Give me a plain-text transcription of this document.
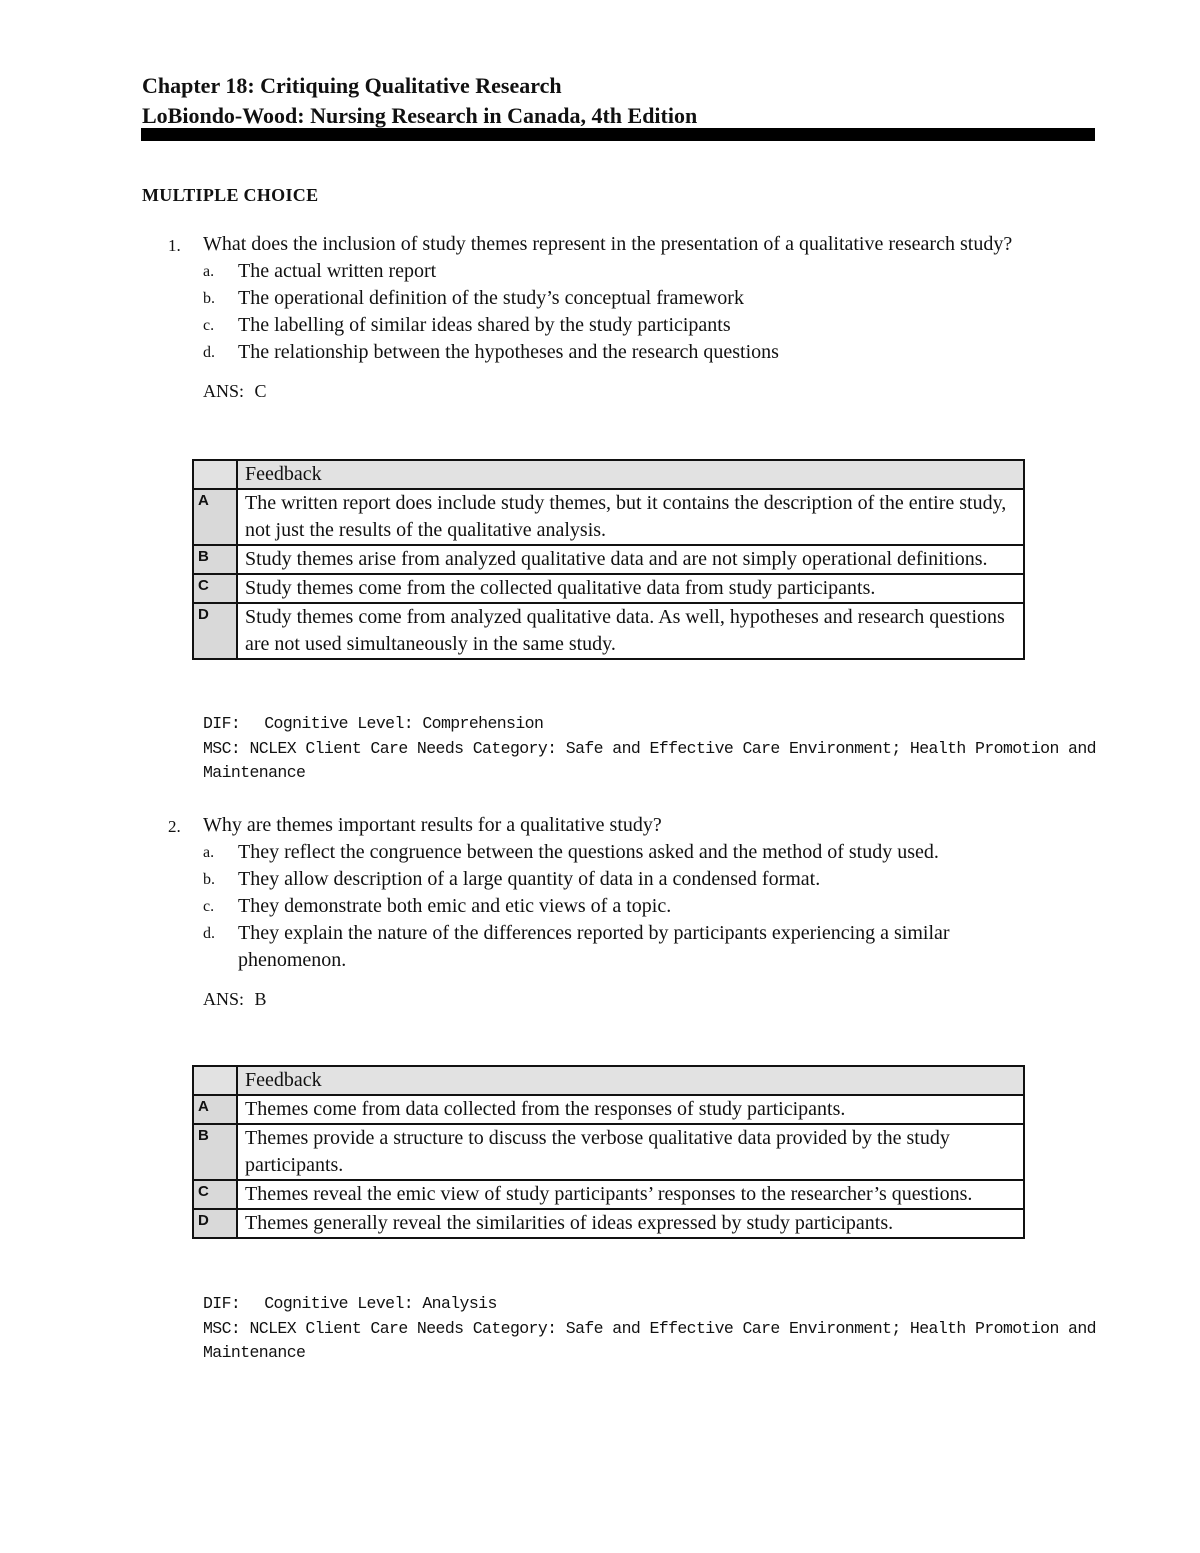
Chapter 18: Critiquing Qualitative Research
LoBiondo-Wood: Nursing Research in Canada, 4th Edition
MULTIPLE CHOICE
1. What does the inclusion of study themes represent in the presentation of a qualitative research study?
a. The actual written report
b. The operational definition of the study’s conceptual framework
c. The labelling of similar ideas shared by the study participants
d. The relationship between the hypotheses and the research questions
ANS: C
	Feedback
A	The written report does include study themes, but it contains the description of the entire study, not just the results of the qualitative analysis.
B	Study themes arise from analyzed qualitative data and are not simply operational definitions.
C	Study themes come from the collected qualitative data from study participants.
D	Study themes come from analyzed qualitative data. As well, hypotheses and research questions are not used simultaneously in the same study.
DIF: Cognitive Level: Comprehension
MSC: NCLEX Client Care Needs Category: Safe and Effective Care Environment; Health Promotion and Maintenance
2. Why are themes important results for a qualitative study?
a. They reflect the congruence between the questions asked and the method of study used.
b. They allow description of a large quantity of data in a condensed format.
c. They demonstrate both emic and etic views of a topic.
d. They explain the nature of the differences reported by participants experiencing a similar phenomenon.
ANS: B
	Feedback
A	Themes come from data collected from the responses of study participants.
B	Themes provide a structure to discuss the verbose qualitative data provided by the study participants.
C	Themes reveal the emic view of study participants’ responses to the researcher’s questions.
D	Themes generally reveal the similarities of ideas expressed by study participants.
DIF: Cognitive Level: Analysis
MSC: NCLEX Client Care Needs Category: Safe and Effective Care Environment; Health Promotion and Maintenance
